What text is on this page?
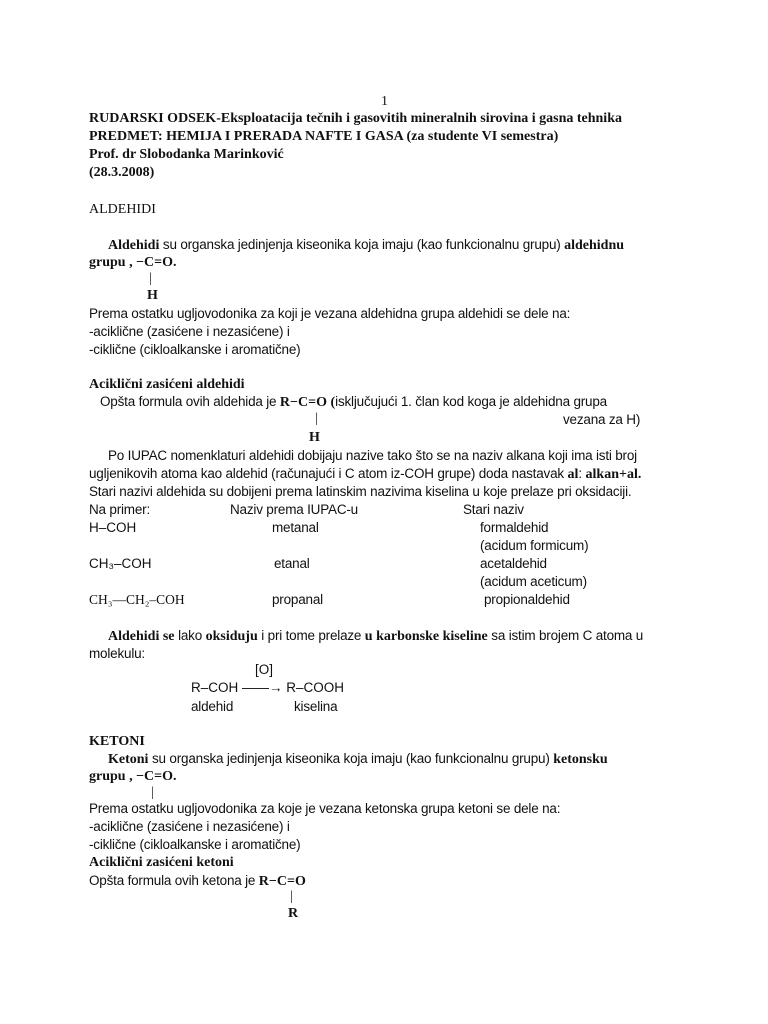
1
RUDARSKI ODSEK-Eksploatacija tečnih i gasovitih mineralnih sirovina i gasna tehnika
PREDMET: HEMIJA I PRERADA NAFTE I GASA (za studente VI semestra)
Prof. dr Slobodanka Marinković
(28.3.2008)
ALDEHIDI
Aldehidi su organska jedinjenja kiseonika koja imaju (kao funkcionalnu grupu) aldehidnu
grupu , −C=O.
|
H
Prema ostatku ugljovodonika za koji je vezana aldehidna grupa aldehidi se dele na:
-aciklične (zasićene i nezasićene) i
-ciklične (cikloalkanske i aromatične)
Aciklični zasićeni aldehidi
Opšta formula ovih aldehida je R−C=O (isključujući 1. član kod koga je aldehidna grupa
|	vezana za H)
H
Po IUPAC nomenklaturi aldehidi dobijaju nazive tako što se na naziv alkana koji ima isti broj
ugljenikovih atoma kao aldehid (računajući i C atom iz-COH grupe) doda nastavak al: alkan+al.
Stari nazivi aldehida su dobijeni prema latinskim nazivima kiselina u koje prelaze pri oksidaciji.
Na primer:	Naziv prema IUPAC-u	Stari naziv
H–COH	metanal	formaldehid
(acidum formicum)
CH₃–COH	etanal	acetaldehid
(acidum aceticum)
CH₃—CH₂–COH	propanal	propionaldehid
Aldehidi se lako oksiduju i pri tome prelaze u karbonske kiseline sa istim brojem C atoma u
molekulu:
[O]
R–COH ——→ R–COOH
aldehid	kiselina
KETONI
Ketoni su organska jedinjenja kiseonika koja imaju (kao funkcionalnu grupu) ketonsku
grupu , −C=O.
|
Prema ostatku ugljovodonika za koje je vezana ketonska grupa ketoni se dele na:
-aciklične (zasićene i nezasićene) i
-ciklične (cikloalkanske i aromatične)
Aciklični zasićeni ketoni
Opšta formula ovih ketona je R−C=O
|
R
